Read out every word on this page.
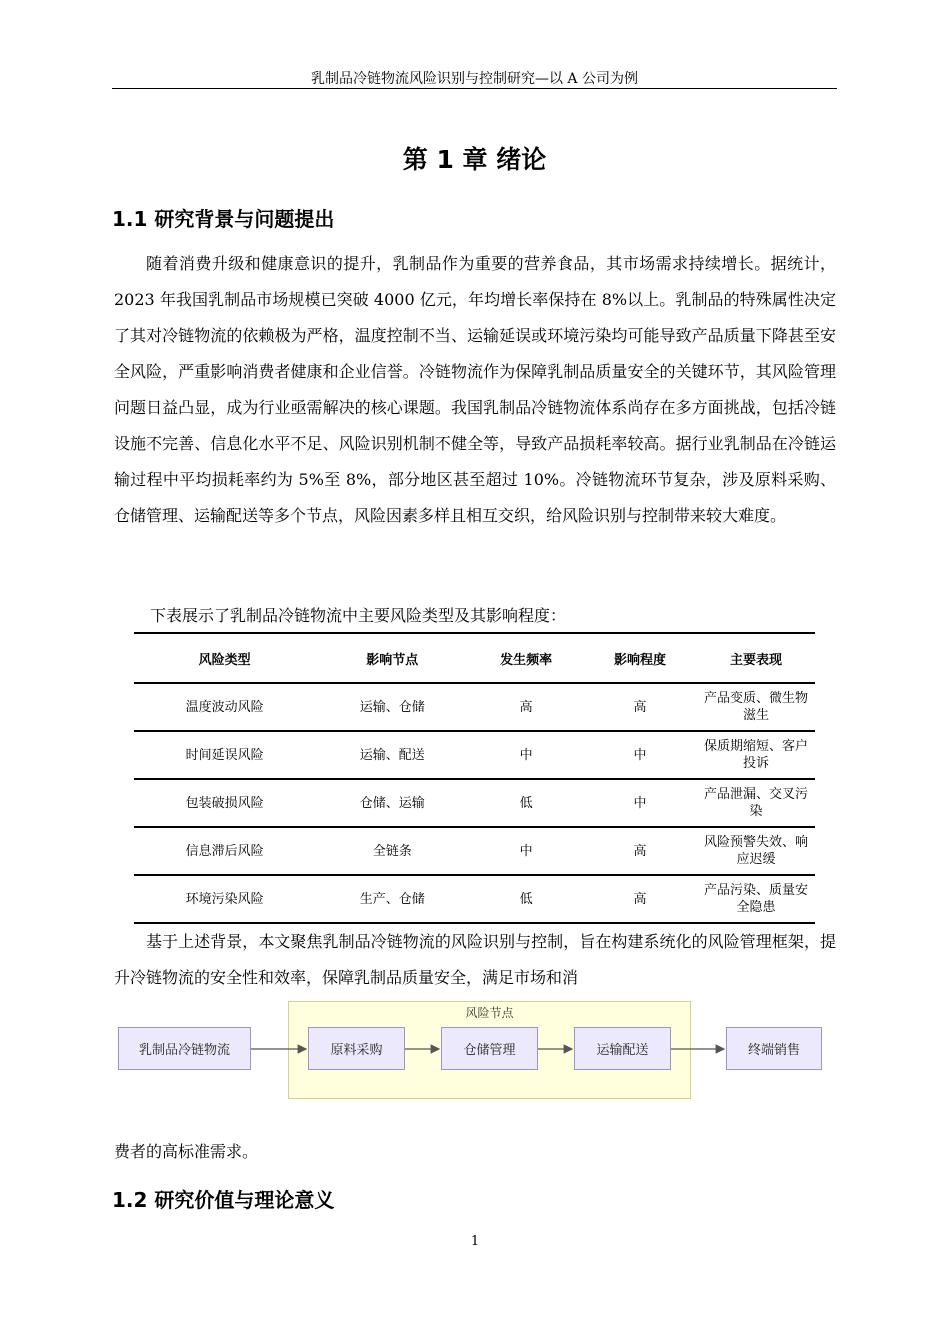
乳制品冷链物流风险识别与控制研究—以 A 公司为例
第 1 章 绪论
1.1 研究背景与问题提出

随着消费升级和健康意识的提升，乳制品作为重要的营养食品，其市场需求持续增长。据统计，2023 年我国乳制品市场规模已突破 4000 亿元，年均增长率保持在 8%以上。乳制品的特殊属性决定了其对冷链物流的依赖极为严格，温度控制不当、运输延误或环境污染均可能导致产品质量下降甚至安全风险，严重影响消费者健康和企业信誉。冷链物流作为保障乳制品质量安全的关键环节，其风险管理问题日益凸显，成为行业亟需解决的核心课题。我国乳制品冷链物流体系尚存在多方面挑战，包括冷链设施不完善、信息化水平不足、风险识别机制不健全等，导致产品损耗率较高。据行业乳制品在冷链运输过程中平均损耗率约为 5%至 8%，部分地区甚至超过 10%。冷链物流环节复杂，涉及原料采购、仓储管理、运输配送等多个节点，风险因素多样且相互交织，给风险识别与控制带来较大难度。

下表展示了乳制品冷链物流中主要风险类型及其影响程度：
风险类型	影响节点	发生频率	影响程度	主要表现
温度波动风险	运输、仓储	高	高	产品变质、微生物滋生
时间延误风险	运输、配送	中	中	保质期缩短、客户投诉
包装破损风险	仓储、运输	低	中	产品泄漏、交叉污染
信息滞后风险	全链条	中	高	风险预警失效、响应迟缓
环境污染风险	生产、仓储	低	高	产品污染、质量安全隐患

基于上述背景，本文聚焦乳制品冷链物流的风险识别与控制，旨在构建系统化的风险管理框架，提升冷链物流的安全性和效率，保障乳制品质量安全，满足市场和消

风险节点
乳制品冷链物流	原料采购	仓储管理	运输配送	终端销售

费者的高标准需求。

1.2 研究价值与理论意义
1
